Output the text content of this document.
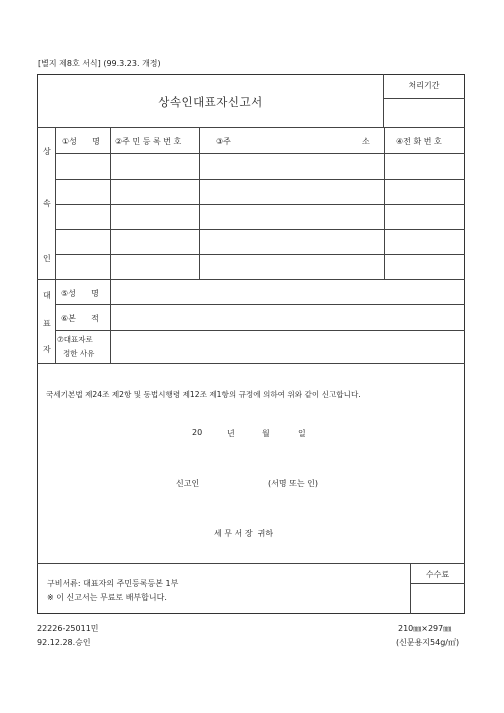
[별지 제8호 서식] (99.3.23. 개정)
상속인대표자신고서
처리기간
상
속
인
①성      명 ②주 민 등 록 번 호	③주	소	④전 화 번 호
대
표
자
⑤성      명
⑥본      적
⑦대표자로
정한 사유
국세기본법 제24조 제2항 및 동법시행령 제12조 제1항의 규정에 의하여 위와 같이 신고합니다.
20	년	월	일
신고인	(서명 또는 인)
세 무 서 장  귀하
구비서류: 대표자의 주민등록등본 1부
※ 이 신고서는 무료로 배부합니다.
수수료
22226-25011민
92.12.28.승인
210㎜×297㎜
(신문용지54g/㎡)
